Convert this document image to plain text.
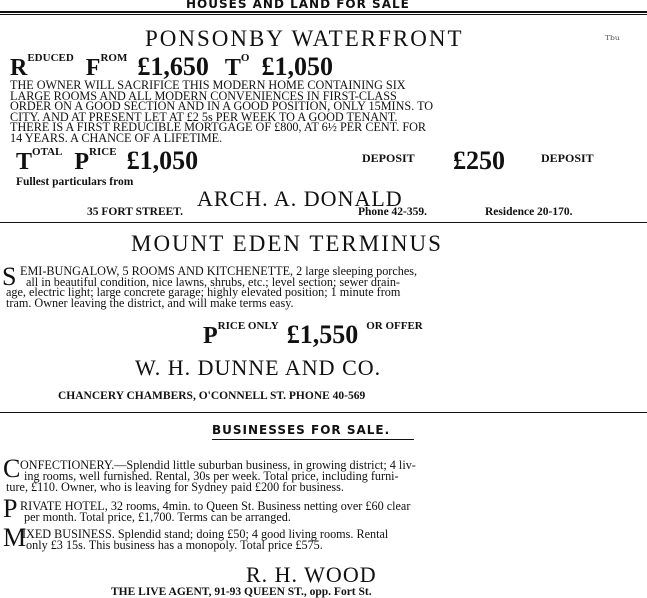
HOUSES AND LAND FOR SALE
PONSONBY WATERFRONT	ᵀᵇᵘ
$R^{EDUCED}$ $F^{ROM}$ £1,650 $T^O$ £1,050
THE OWNER WILL SACRIFICE THIS MODERN HOME CONTAINING SIX
LARGE ROOMS AND ALL MODERN CONVENIENCES IN FIRST-CLASS
ORDER ON A GOOD SECTION AND IN A GOOD POSITION, ONLY 15MINS. TO
CITY. AND AT PRESENT LET AT £2 5s PER WEEK TO A GOOD TENANT.
THERE IS A FIRST REDUCIBLE MORTGAGE OF £800, AT 6½ PER CENT. FOR
14 YEARS. A CHANCE OF A LIFETIME.
$T^{OTAL}$ $P^{RICE}$ £1,050	DEPOSIT £250	DEPOSIT
Fullest particulars from
ARCH. A. DONALD
35 FORT STREET.	Phone 42-359.	Residence 20-170.
MOUNT EDEN TERMINUS
S EMI-BUNGALOW, 5 ROOMS AND KITCHENETTE, 2 large sleeping porches,
all in beautiful condition, nice lawns, shrubs, etc.; level section; sewer drain-
age, electric light; large concrete garage; highly elevated position; 1 minute from
tram. Owner leaving the district, and will make terms easy.
$P^{RICE ONLY}$ £1,550 $^{OR OFFER}$
W. H. DUNNE AND CO.
CHANCERY CHAMBERS, O'CONNELL ST. PHONE 40-569
BUSINESSES FOR SALE.
C ONFECTIONERY.—Splendid little suburban business, in growing district; 4 liv-
ing rooms, well furnished. Rental, 30s per week. Total price, including furni-
ture, £110. Owner, who is leaving for Sydney paid £200 for business.
P RIVATE HOTEL, 32 rooms, 4min. to Queen St. Business netting over £60 clear
per month. Total price, £1,700. Terms can be arranged.
M
IXED BUSINESS. Splendid stand; doing £50; 4 good living rooms. Rental
only £3 15s. This business has a monopoly. Total price £575.
R. H. WOOD
THE LIVE AGENT, 91-93 QUEEN ST., opp. Fort St.
